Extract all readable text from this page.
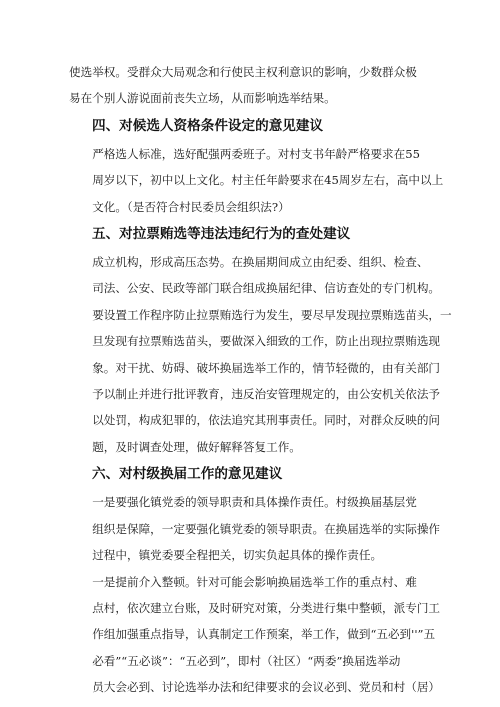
使选举权。受群众大局观念和行使民主权利意识的影响，少数群众极
易在个别人游说面前丧失立场，从而影响选举结果。

四、对候选人资格条件设定的意见建议

严格选人标准，选好配强两委班子。对村支书年龄严格要求在55
周岁以下，初中以上文化。村主任年龄要求在45周岁左右，高中以上
文化。（是否符合村民委员会组织法?）

五、对拉票贿选等违法违纪行为的查处建议

成立机构，形成高压态势。在换届期间成立由纪委、组织、检查、
司法、公安、民政等部门联合组成换届纪律、信访查处的专门机构。
要设置工作程序防止拉票贿选行为发生，要尽早发现拉票贿选苗头，一
旦发现有拉票贿选苗头，要做深入细致的工作，防止出现拉票贿选现
象。对干扰、妨碍、破坏换届选举工作的，情节轻微的，由有关部门
予以制止并进行批评教育，违反治安管理规定的，由公安机关依法予
以处罚，构成犯罪的，依法追究其刑事责任。同时，对群众反映的问
题，及时调查处理，做好解释答复工作。

六、对村级换届工作的意见建议

一是要强化镇党委的领导职责和具体操作责任。村级换届基层党
组织是保障，一定要强化镇党委的领导职责。在换届选举的实际操作
过程中，镇党委要全程把关，切实负起具体的操作责任。

一是提前介入整顿。针对可能会影响换届选举工作的重点村、难
点村，依次建立台账，及时研究对策，分类进行集中整顿，派专门工
作组加强重点指导，认真制定工作预案，举工作，做到“五必到''”五
必看”“五必谈”：“五必到”，即村（社区）“两委”换届选举动
员大会必到、讨论选举办法和纪律要求的会议必到、党员和村（居）
